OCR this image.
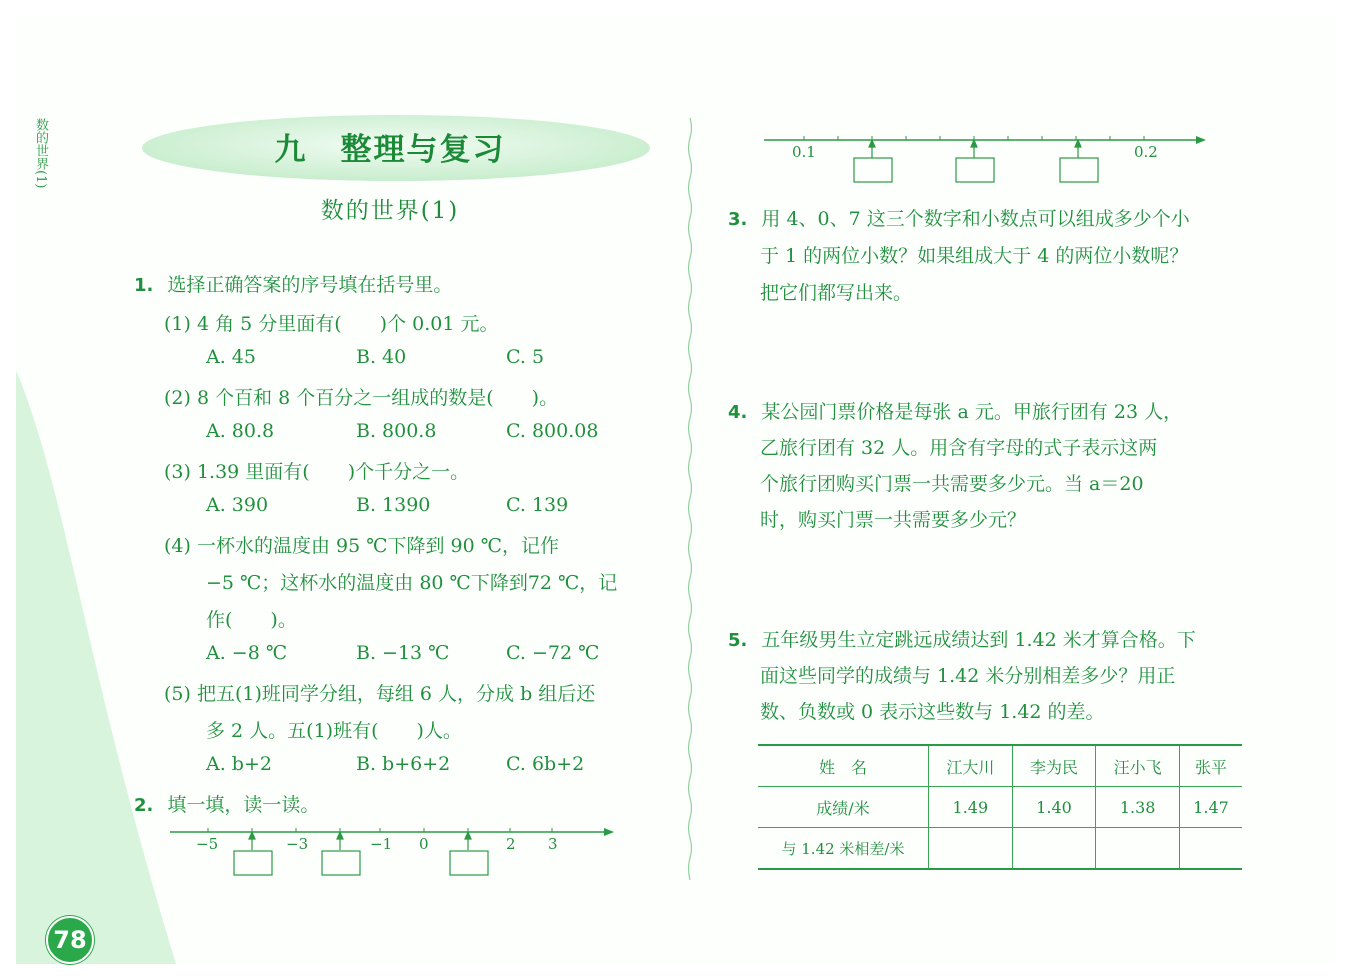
数的世界(1)	九　整理与复习
数的世界(1)
1. 选择正确答案的序号填在括号里。
(1) 4 角 5 分里面有(　　)个 0.01 元。
A. 45	B. 40	C. 5
(2) 8 个百和 8 个百分之一组成的数是(　　)。
A. 80.8	B. 800.8	C. 800.08
(3) 1.39 里面有(　　)个千分之一。
A. 390	B. 1390	C. 139
(4) 一杯水的温度由 95 ℃下降到 90 ℃，记作
−5 ℃；这杯水的温度由 80 ℃下降到72 ℃，记
作(　　)。
A. −8 ℃	B. −13 ℃	C. −72 ℃
(5) 把五(1)班同学分组，每组 6 人，分成 b 组后还
多 2 人。五(1)班有(　　)人。
A. b+2	B. b+6+2	C. 6b+2
2. 填一填，读一读。
−5	−3	−1 0	2 3
78
0.1	0.2
3. 用 4、0、7 这三个数字和小数点可以组成多少个小
于 1 的两位小数？如果组成大于 4 的两位小数呢？
把它们都写出来。
4. 某公园门票价格是每张 a 元。甲旅行团有 23 人，
乙旅行团有 32 人。用含有字母的式子表示这两
个旅行团购买门票一共需要多少元。当 a＝20
时，购买门票一共需要多少元？
5. 五年级男生立定跳远成绩达到 1.42 米才算合格。下
面这些同学的成绩与 1.42 米分别相差多少？用正
数、负数或 0 表示这些数与 1.42 的差。
姓　名	江大川	李为民	汪小飞	张平
成绩/米	1.49	1.40	1.38	1.47
与 1.42 米相差/米				
